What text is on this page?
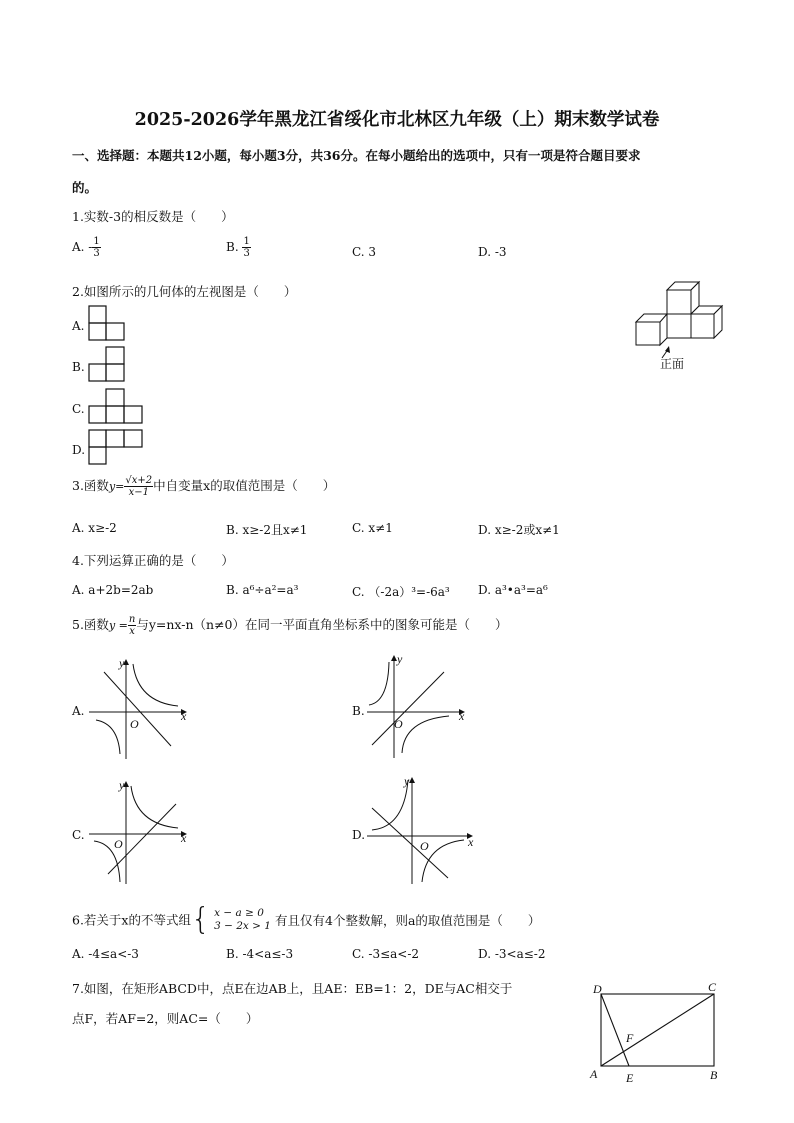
2025-2026学年黑龙江省绥化市北林区九年级（上）期末数学试卷
一、选择题：本题共12小题，每小题3分，共36分。在每小题给出的选项中，只有一项是符合题目要求
的。
1.实数-3的相反数是（　　）
A. - $\frac{1}{3}$	B. $\frac{1}{3}$	C. 3	D. -3
2.如图所示的几何体的左视图是（　　）
A.
B.
C.
D.
正面
3.函数$y= \frac{√x+2}{x-1}$ 中自变量x的取值范围是（　　）
A. x≥-2	B. x≥-2且x≠1	C. x≠1	D. x≥-2或x≠1
4.下列运算正确的是（　　）
A. a+2b=2ab	B. a⁶÷a²=a³	C. （-2a）³=-6a³ D. a³•a³=a⁶
5.函数$y = \frac{n}{x}$ 与y=nx-n（n≠0）在同一平面直角坐标系中的图象可能是（　　）
A.
y
x
O
B.
y
x
O
C.
y
x
O
D.
y
x
O
6.若关于x的不等式组{ x − a ≥ 0
3 − 2x > 1 有且仅有4个整数解，则a的取值范围是（　　）
A. -4≤a<-3	B. -4<a≤-3	C. -3≤a<-2	D. -3<a≤-2
7.如图，在矩形ABCD中，点E在边AB上，且AE：EB=1：2，DE与AC相交于
点F，若AF=2，则AC=（　　）
D	C
A	B
E
F
